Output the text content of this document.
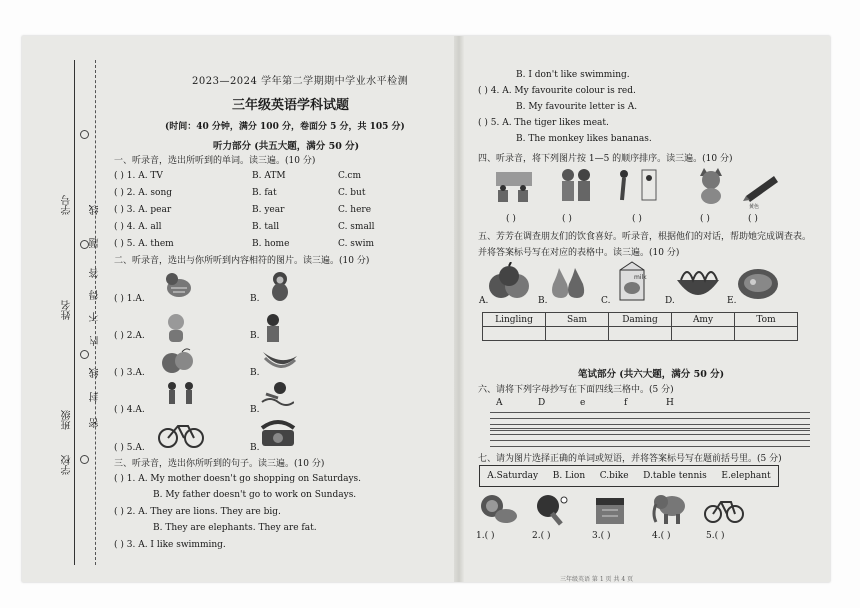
学号
姓名
班级
学校
线
题
答
得
不
内
线
封
密
2023—2024 学年第二学期期中学业水平检测
三年级英语学科试题
(时间：40 分钟，满分 100 分，卷面分 5 分，共 105 分)
听力部分 (共五大题，满分 50 分)
一、听录音，选出所听到的单词。读三遍。(10 分)
( ) 1. A. TV	B. ATM	C.cm
( ) 2. A. song	B. fat	C. but
( ) 3. A. pear	B. year	C. here
( ) 4. A. all	B. tall	C. small
( ) 5. A. them	B. home	C. swim
二、听录音，选出与你所听到内容相符的图片。读三遍。(10 分)
( ) 1.A.	B.
( ) 2.A.	B.
( ) 3.A.	B.
( ) 4.A.	B.
( ) 5.A.	B.
三、听录音，选出你所听到的句子。读三遍。(10 分)
( ) 1. A. My mother doesn't go shopping on Saturdays.
B. My father doesn't go to work on Sundays.
( ) 2. A. They are lions. They are big.
B. They are elephants. They are fat.
( ) 3. A. I like swimming.
B. I don't like swimming.
( ) 4. A. My favourite colour is red.
B. My favourite letter is A.
( ) 5. A. The tiger likes meat.
B. The monkey likes bananas.
四、听录音，将下列图片按 1—5 的顺序排序。读三遍。(10 分)
黄色
( )	( )	( )	( )	( )
五、芳芳在调查朋友们的饮食喜好。听录音，根据他们的对话，帮助她完成调查表。
并将答案标号写在对应的表格中。读三遍。(10 分)
A.	B.	C.	D.	E.
milk
Lingling	Sam	Daming	Amy	Tom

笔试部分 (共六大题，满分 50 分)
六、请将下列字母抄写在下面四线三格中。(5 分)
A	D	e	f	H
七、请为图片选择正确的单词或短语，并将答案标号写在题前括号里。(5 分)
A.Saturday B. Lion C.bike D.table tennis E.elephant
1.( )	2.( )	3.( )	4.( )	5.( )
三年级英语 第 1 页 共 4 页
